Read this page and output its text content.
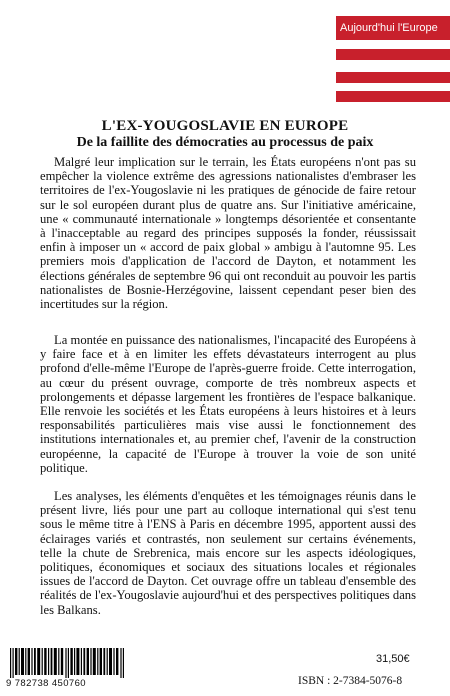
Aujourd'hui l'Europe
L'EX-YOUGOSLAVIE EN EUROPE
De la faillite des démocraties au processus de paix

Malgré leur implication sur le terrain, les États européens n'ont pas su empêcher la violence extrême des agressions nationalistes d'embraser les territoires de l'ex-Yougoslavie ni les pratiques de génocide de faire retour sur le sol européen durant plus de quatre ans. Sur l'initiative américaine, une « communauté internationale » longtemps désorientée et consentante à l'inacceptable au regard des principes supposés la fonder, réussissait enfin à imposer un « accord de paix global » ambigu à l'automne 95. Les premiers mois d'application de l'accord de Dayton, et notamment les élections générales de septembre 96 qui ont reconduit au pouvoir les partis nationalistes de Bosnie-Herzégovine, laissent cependant peser bien des incertitudes sur la région.

La montée en puissance des nationalismes, l'incapacité des Européens à y faire face et à en limiter les effets dévastateurs interrogent au plus profond d'elle-même l'Europe de l'après-guerre froide. Cette interrogation, au cœur du présent ouvrage, comporte de très nombreux aspects et prolongements et dépasse largement les frontières de l'espace balkanique. Elle renvoie les sociétés et les États européens à leurs histoires et à leurs responsabilités particulières mais vise aussi le fonctionnement des institutions internationales et, au premier chef, l'avenir de la construction européenne, la capacité de l'Europe à trouver la voie de son unité politique.

Les analyses, les éléments d'enquêtes et les témoignages réunis dans le présent livre, liés pour une part au colloque international qui s'est tenu sous le même titre à l'ENS à Paris en décembre 1995, apportent aussi des éclairages variés et contrastés, non seulement sur certains événements, telle la chute de Srebrenica, mais encore sur les aspects idéologiques, politiques, économiques et sociaux des situations locales et régionales issues de l'accord de Dayton. Cet ouvrage offre un tableau d'ensemble des réalités de l'ex-Yougoslavie aujourd'hui et des perspectives politiques dans les Balkans.

9 782738 450760
31,50€
ISBN : 2-7384-5076-8
